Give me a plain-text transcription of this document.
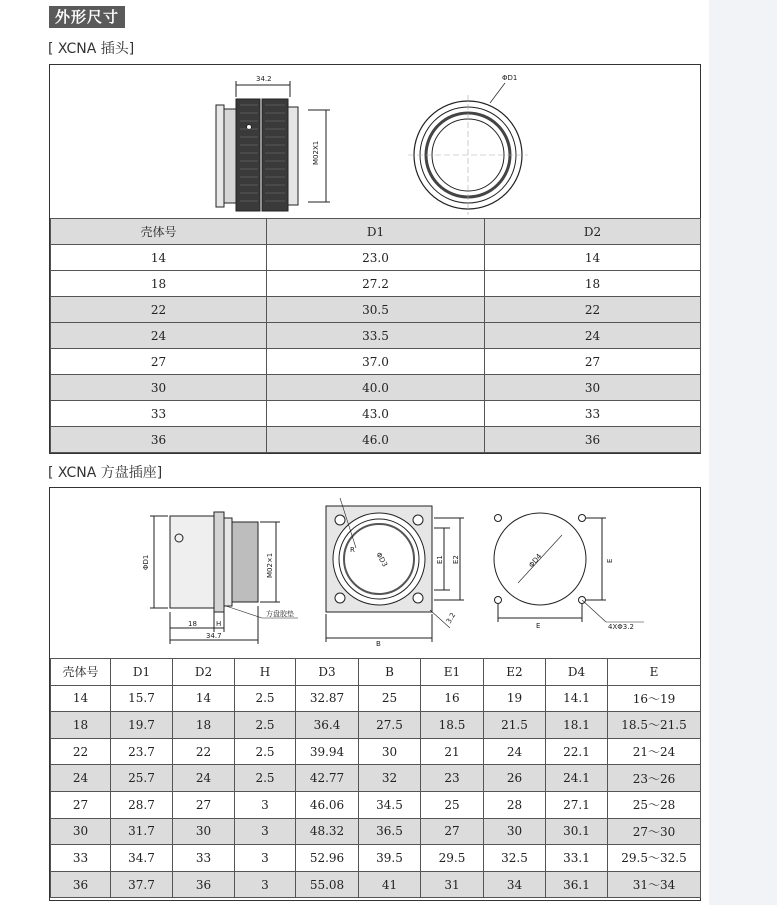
外形尺寸
[ XCNA 插头]
34.2
M02X1
ΦD1
壳体号	D1	D2
14	23.0	14
18	27.2	18
22	30.5	22
24	33.5	24
27	37.0	27
30	40.0	30
33	43.0	33
36	46.0	36
[ XCNA 方盘插座]
ΦD1	M02×1
H
18
34.7
方盘胶垫
R
ΦD3
B
E1 E2
3.2
ΦD4
E
E
4XΦ3.2
壳体号	D1	D2	H	D3	B	E1	E2	D4	E
14	15.7	14	2.5	32.87	25	16	19	14.1	16～19
18	19.7	18	2.5	36.4	27.5	18.5	21.5	18.1	18.5～21.5
22	23.7	22	2.5	39.94	30	21	24	22.1	21～24
24	25.7	24	2.5	42.77	32	23	26	24.1	23～26
27	28.7	27	3	46.06	34.5	25	28	27.1	25～28
30	31.7	30	3	48.32	36.5	27	30	30.1	27～30
33	34.7	33	3	52.96	39.5	29.5	32.5	33.1	29.5～32.5
36	37.7	36	3	55.08	41	31	34	36.1	31～34
